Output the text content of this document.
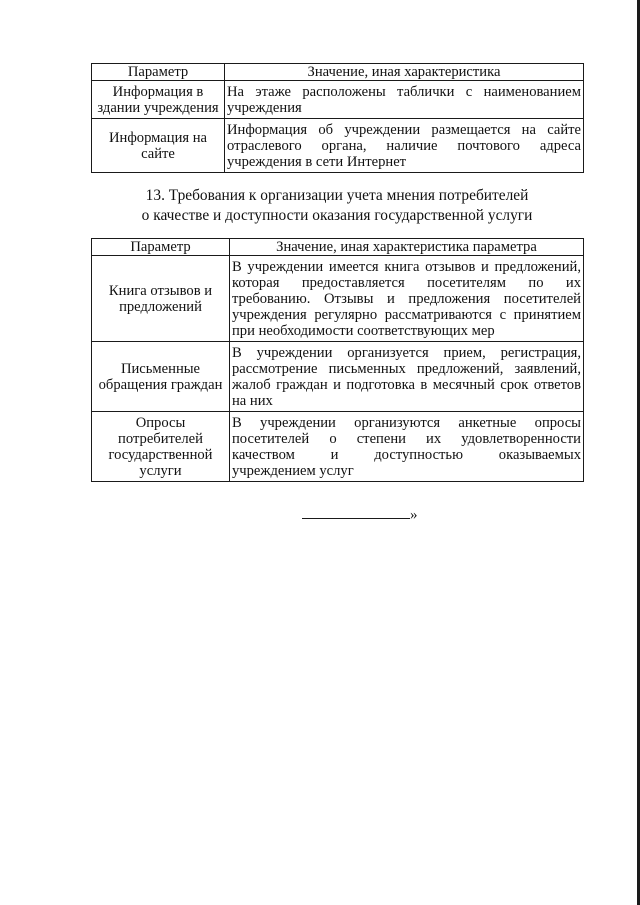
Параметр	Значение, иная характеристика

Информация в
здании учреждения	На этаже расположены таблички с наименованием
учреждения

Информация на
сайте	Информация об учреждении размещается на сайте
отраслевого органа, наличие почтового адреса
учреждения в сети Интернет
13. Требования к организации учета мнения потребителей
о качестве и доступности оказания государственной услуги
Параметр	Значение, иная характеристика параметра

Книга отзывов и
предложений	В учреждении имеется книга отзывов и предложений,
которая предоставляется посетителям по их
требованию. Отзывы и предложения посетителей
учреждения регулярно рассматриваются с принятием
при необходимости соответствующих мер

Письменные
обращения граждан	В учреждении организуется прием, регистрация,
рассмотрение письменных предложений, заявлений,
жалоб граждан и подготовка в месячный срок ответов
на них

Опросы
потребителей
государственной
услуги	В учреждении организуются анкетные опросы
посетителей о степени их удовлетворенности
качеством и доступностью оказываемых
учреждением услуг
»
